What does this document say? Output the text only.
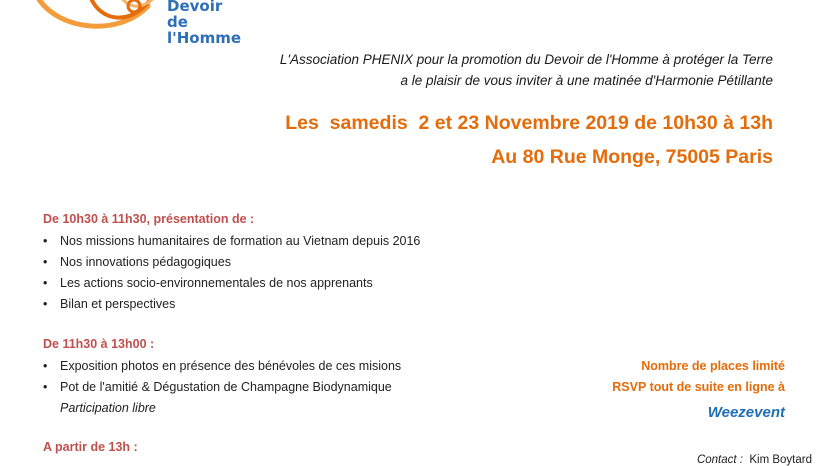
Devoir de
l'Homme
L'Association PHENIX pour la promotion du Devoir de l'Homme à protéger la Terre
a le plaisir de vous inviter à une matinée d'Harmonie Pétillante
Les  samedis  2 et 23 Novembre 2019 de 10h30 à 13h
Au 80 Rue Monge, 75005 Paris
De 10h30 à 11h30, présentation de :
• Nos missions humanitaires de formation au Vietnam depuis 2016
• Nos innovations pédagogiques
• Les actions socio-environnementales de nos apprenants
• Bilan et perspectives
De 11h30 à 13h00 :
• Exposition photos en présence des bénévoles de ces misions
• Pot de l'amitié & Dégustation de Champagne Biodynamique
Participation libre
A partir de 13h :
Nombre de places limité
RSVP tout de suite en ligne à
Weezevent
Contact : Kim Boytard
